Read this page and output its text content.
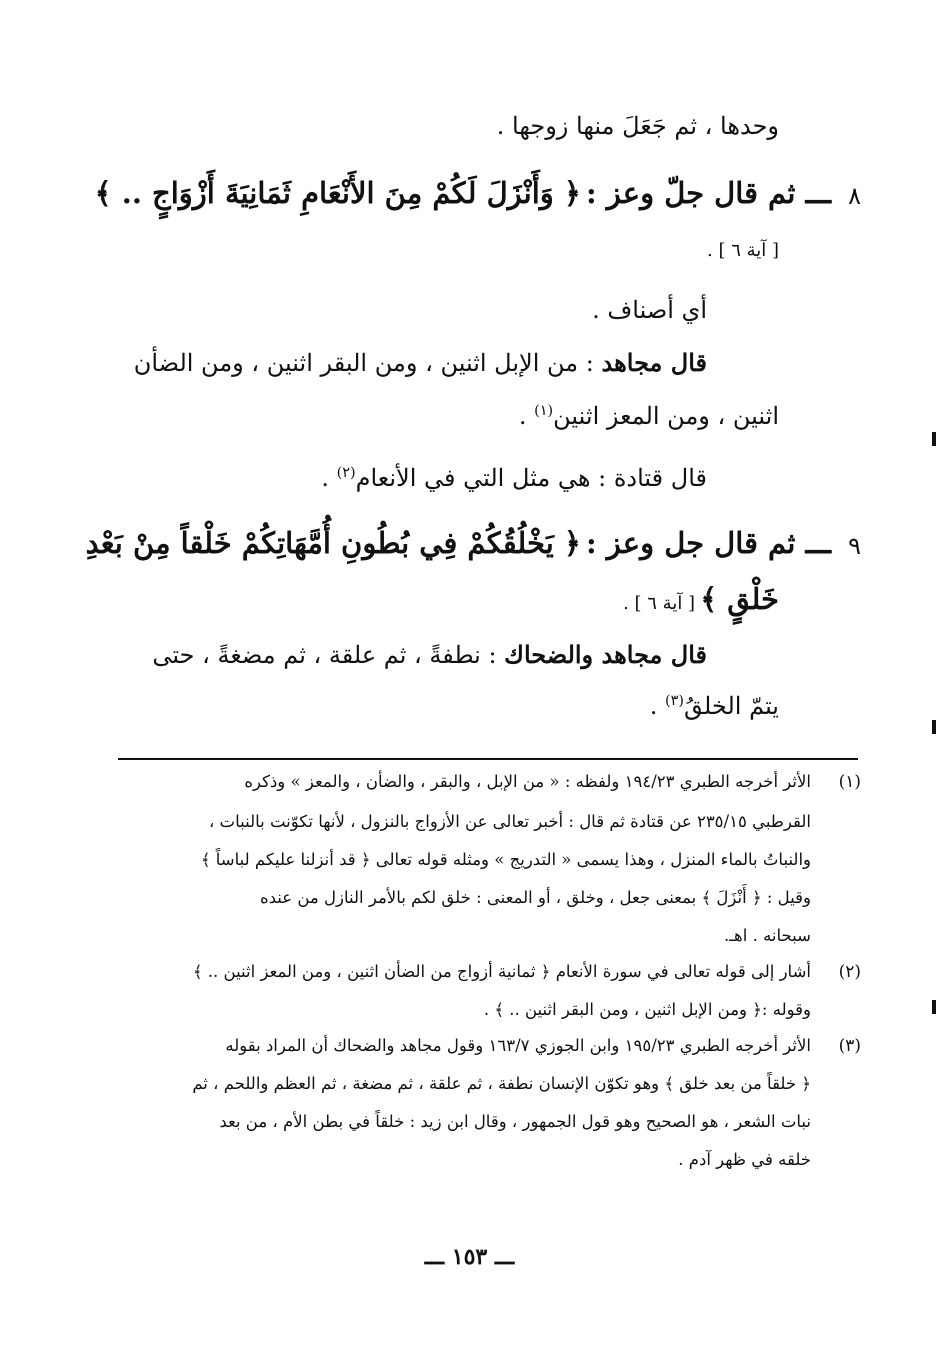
وحدها ، ثم جَعَلَ منها زوجها .
٨
ـــ ثم قال جلّ وعز : ﴿ وَأَنْزَلَ لَكُمْ مِنَ الأَنْعَامِ ثَمَانِيَةَ أَزْوَاجٍ .. ﴾
[ آية ٦ ] .
أي أصناف .
قال مجاهد : من الإبل اثنين ، ومن البقر اثنين ، ومن الضأن
اثنين ، ومن المعز اثنين$^{(١)}$ .
قال قتادة : هي مثل التي في الأنعام$^{(٢)}$ .
٩
ـــ ثم قال جل وعز : ﴿ يَخْلُقُكُمْ فِي بُطُونِ أُمَّهَاتِكُمْ خَلْقاً مِنْ بَعْدِ
خَلْقٍ ﴾ [ آية ٦ ] .
قال مجاهد والضحاك : نطفةً ، ثم علقة ، ثم مضغةً ، حتى
يتمّ الخلقُ$^{(٣)}$ .
(١)
الأثر أخرجه الطبري ١٩٤/٢٣ ولفظه : « من الإبل ، والبقر ، والضأن ، والمعز » وذكره
القرطبي ٢٣٥/١٥ عن قتادة ثم قال : أخبر تعالى عن الأزواج بالنزول ، لأنها تكوّنت بالنبات ،
والنباتُ بالماء المنزل ، وهذا يسمى « التدريج » ومثله قوله تعالى ﴿ قد أنزلنا عليكم لباساً ﴾
وقيل : ﴿ أَنْزَلَ ﴾ بمعنى جعل ، وخلق ، أو المعنى : خلق لكم بالأمر النازل من عنده
سبحانه . اهـ.
(٢)
أشار إلى قوله تعالى في سورة الأنعام ﴿ ثمانية أزواج من الضأن اثنين ، ومن المعز اثنين .. ﴾
وقوله :﴿ ومن الإبل اثنين ، ومن البقر اثنين .. ﴾ .
(٣)
الأثر أخرجه الطبري ١٩٥/٢٣ وابن الجوزي ١٦٣/٧ وقول مجاهد والضحاك أن المراد بقوله
﴿ خلقاً من بعد خلق ﴾ وهو تكوّن الإنسان نطفة ، ثم علقة ، ثم مضغة ، ثم العظم واللحم ، ثم
نبات الشعر ، هو الصحيح وهو قول الجمهور ، وقال ابن زيد : خلقاً في بطن الأم ، من بعد
خلقه في ظهر آدم .
ـــ ١٥٣ ـــ
